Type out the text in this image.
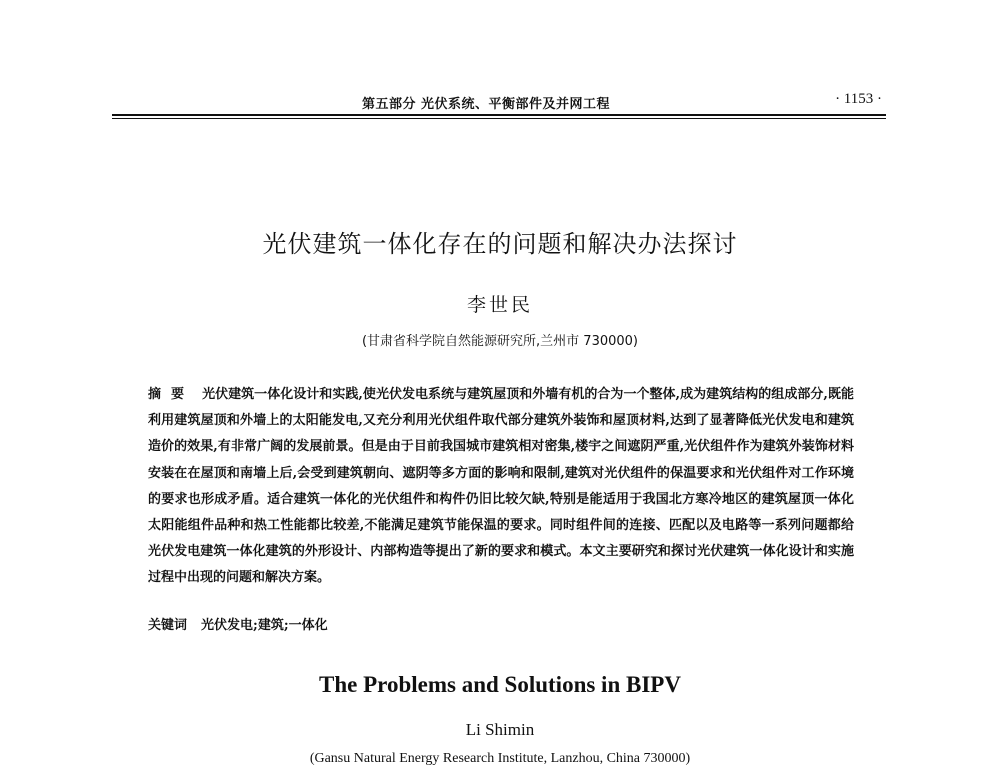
第五部分 光伏系统、平衡部件及并网工程	· 1153 ·
光伏建筑一体化存在的问题和解决办法探讨
李世民
(甘肃省科学院自然能源研究所,兰州市 730000)
摘要 光伏建筑一体化设计和实践,使光伏发电系统与建筑屋顶和外墙有机的合为一个整体,成为建筑结构的组成部分,既能利用建筑屋顶和外墙上的太阳能发电,又充分利用光伏组件取代部分建筑外装饰和屋顶材料,达到了显著降低光伏发电和建筑造价的效果,有非常广阔的发展前景。但是由于目前我国城市建筑相对密集,楼宇之间遮阴严重,光伏组件作为建筑外装饰材料安装在在屋顶和南墙上后,会受到建筑朝向、遮阴等多方面的影响和限制,建筑对光伏组件的保温要求和光伏组件对工作环境的要求也形成矛盾。适合建筑一体化的光伏组件和构件仍旧比较欠缺,特别是能适用于我国北方寒冷地区的建筑屋顶一体化太阳能组件品种和热工性能都比较差,不能满足建筑节能保温的要求。同时组件间的连接、匹配以及电路等一系列问题都给光伏发电建筑一体化建筑的外形设计、内部构造等提出了新的要求和模式。本文主要研究和探讨光伏建筑一体化设计和实施过程中出现的问题和解决方案。
关键词 光伏发电;建筑;一体化
The Problems and Solutions in BIPV
Li Shimin
(Gansu Natural Energy Research Institute, Lanzhou, China 730000)
